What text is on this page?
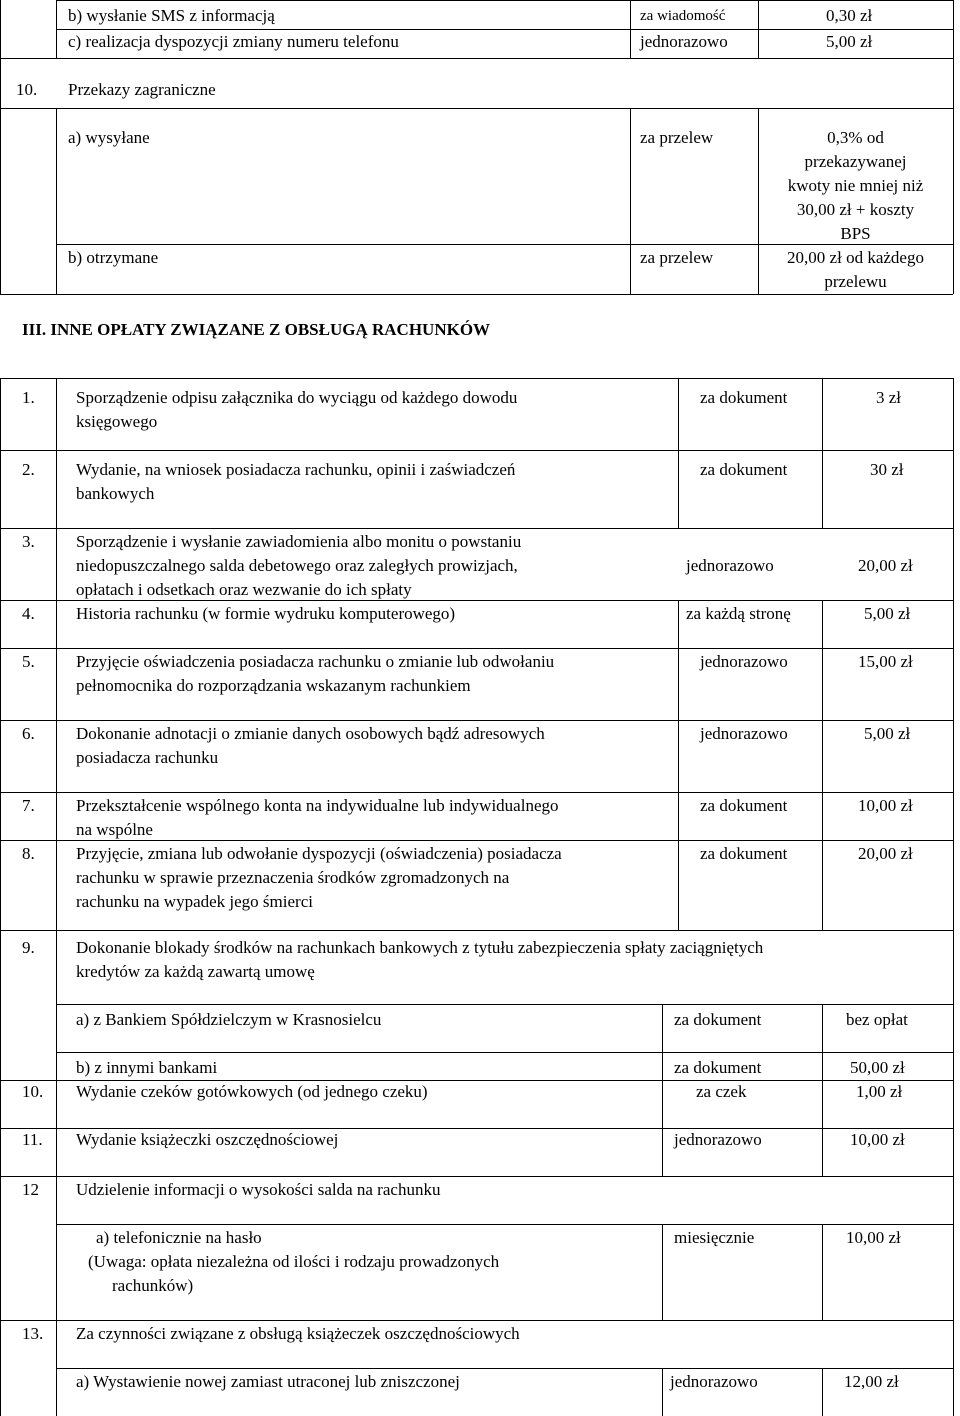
b) wysłanie SMS z informacją	za wiadomość	0,30 zł
c) realizacja dyspozycji zmiany numeru telefonu	jednorazowo	5,00 zł
10. Przekazy zagraniczne
a) wysyłane	za przelew	0,3% od
przekazywanej
kwoty nie mniej niż
30,00 zł + koszty
BPS
b) otrzymane	za przelew	20,00 zł od każdego
przelewu
III. INNE OPŁATY ZWIĄZANE Z OBSŁUGĄ RACHUNKÓW
1. Sporządzenie odpisu załącznika do wyciągu od każdego dowodu
księgowego
za dokument	3 zł
2. Wydanie, na wniosek posiadacza rachunku, opinii i zaświadczeń
bankowych
za dokument	30 zł
3. Sporządzenie i wysłanie zawiadomienia albo monitu o powstaniu
niedopuszczalnego salda debetowego oraz zaległych prowizjach,
opłatach i odsetkach oraz wezwanie do ich spłaty
jednorazowo	20,00 zł
4. Historia rachunku (w formie wydruku komputerowego)	za każdą stronę	5,00 zł
5. Przyjęcie oświadczenia posiadacza rachunku o zmianie lub odwołaniu
pełnomocnika do rozporządzania wskazanym rachunkiem
jednorazowo	15,00 zł
6. Dokonanie adnotacji o zmianie danych osobowych bądź adresowych
posiadacza rachunku
jednorazowo	5,00 zł
7. Przekształcenie wspólnego konta na indywidualne lub indywidualnego
na wspólne
za dokument	10,00 zł
8. Przyjęcie, zmiana lub odwołanie dyspozycji (oświadczenia) posiadacza
rachunku w sprawie przeznaczenia środków zgromadzonych na
rachunku na wypadek jego śmierci
za dokument	20,00 zł
9. Dokonanie blokady środków na rachunkach bankowych z tytułu zabezpieczenia spłaty zaciągniętych
kredytów za każdą zawartą umowę
a) z Bankiem Spółdzielczym w Krasnosielcu	za dokument	bez opłat
b) z innymi bankami	za dokument	50,00 zł
10. Wydanie czeków gotówkowych (od jednego czeku)	za czek	1,00 zł
11. Wydanie książeczki oszczędnościowej	jednorazowo	10,00 zł
12 Udzielenie informacji o wysokości salda na rachunku
a) telefonicznie na hasło
(Uwaga: opłata niezależna od ilości i rodzaju prowadzonych
rachunków)
miesięcznie	10,00 zł
13. Za czynności związane z obsługą książeczek oszczędnościowych
a) Wystawienie nowej zamiast utraconej lub zniszczonej	jednorazowo	12,00 zł
